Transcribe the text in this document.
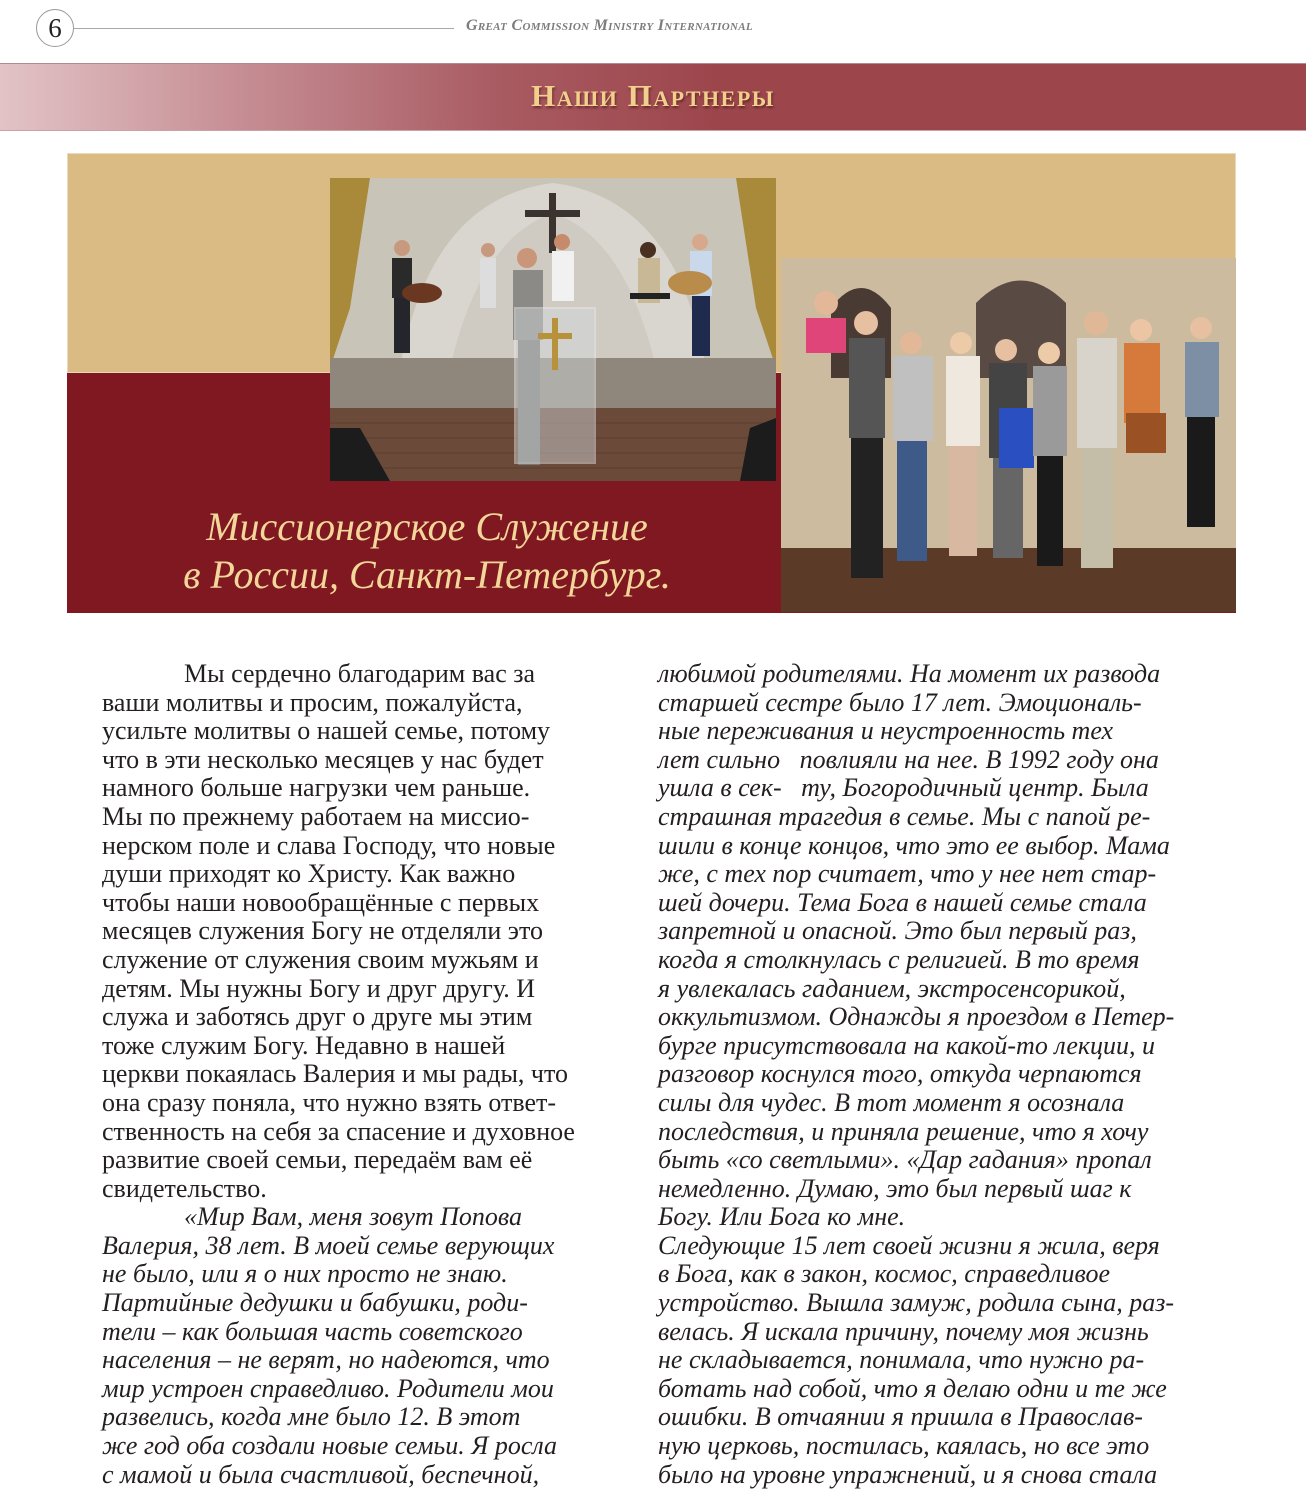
6	Great Commission Ministry International
Наши Партнеры
Миссионерское Служение
в России, Санкт-Петербург.

Мы сердечно благодарим вас за

ваши молитвы и просим, пожалуйста,

усильте молитвы о нашей семье, потому

что в эти несколько месяцев у нас будет

намного больше нагрузки чем раньше.

Мы по прежнему работаем на миссио-

нерском поле и слава Господу, что новые

души приходят ко Христу. Как важно

чтобы наши новообращённые с первых

месяцев служения Богу не отделяли это

служение от служения своим мужьям и

детям. Мы нужны Богу и друг другу. И

служа и заботясь друг о друге мы этим

тоже служим Богу. Недавно в нашей

церкви покаялась Валерия и мы рады, что

она сразу поняла, что нужно взять ответ-

ственность на себя за спасение и духовное

развитие своей семьи, передаём вам её

свидетельство.

«Мир Вам, меня зовут Попова

Валерия, 38 лет. В моей семье верующих

не было, или я о них просто не знаю.

Партийные дедушки и бабушки, роди-

тели – как большая часть советского

населения – не верят, но надеются, что

мир устроен справедливо. Родители мои

развелись, когда мне было 12. В этот

же год оба создали новые семьи. Я росла

с мамой и была счастливой, беспечной,

любимой родителями. На момент их развода

старшей сестре было 17 лет. Эмоциональ-

ные переживания и неустроенность тех

лет сильно   повлияли на нее. В 1992 году она

ушла в сек-   ту, Богородичный центр. Была

страшная трагедия в семье. Мы с папой ре-

шили в конце концов, что это ее выбор. Мама

же, с тех пор считает, что у нее нет стар-

шей дочери. Тема Бога в нашей семье стала

запретной и опасной. Это был первый раз,

когда я столкнулась с религией. В то время

я увлекалась гаданием, экстросенсорикой,

оккультизмом. Однажды я проездом в Петер-

бурге присутствовала на какой-то лекции, и

разговор коснулся того, откуда черпаются

силы для чудес. В тот момент я осознала

последствия, и приняла решение, что я хочу

быть «со светлыми». «Дар гадания» пропал

немедленно. Думаю, это был первый шаг к

Богу. Или Бога ко мне.

Следующие 15 лет своей жизни я жила, веря

в Бога, как в закон, космос, справедливое

устройство. Вышла замуж, родила сына, раз-

велась. Я искала причину, почему моя жизнь

не складывается, понимала, что нужно ра-

ботать над собой, что я делаю одни и те же

ошибки. В отчаянии я пришла в Православ-

ную церковь, постилась, каялась, но все это

было на уровне упражнений, и я снова стала
